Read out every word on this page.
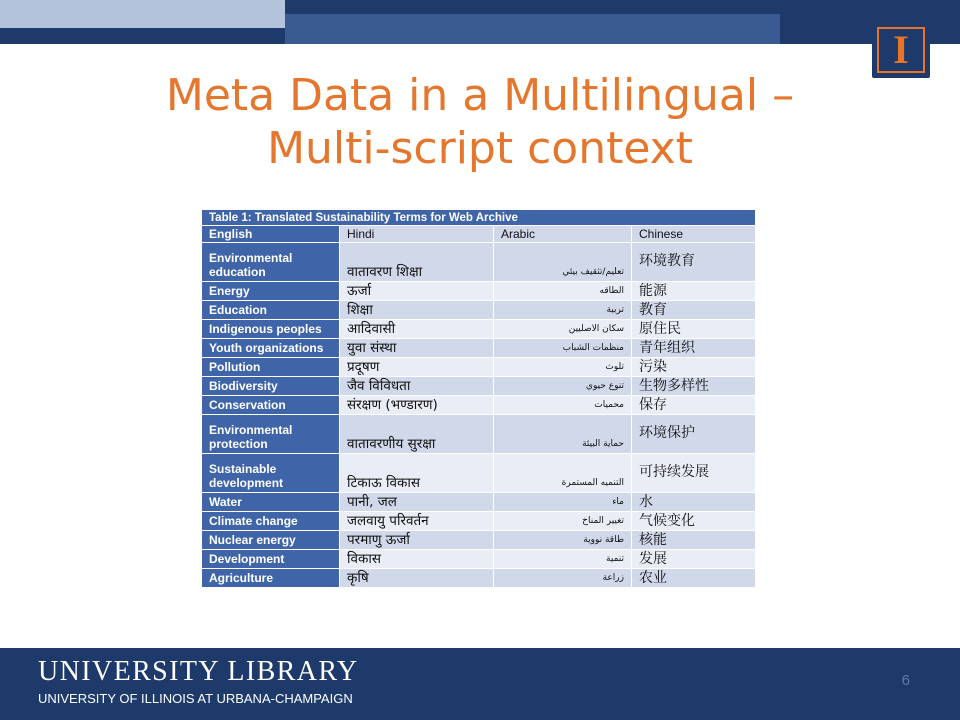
I
Meta Data in a Multilingual –
Multi-script context
Table 1: Translated Sustainability Terms for Web Archive			
English	Hindi	Arabic	Chinese
Environmental education	वातावरण शिक्षा	تعليم/تثقيف بيئي	环境教育
Energy	ऊर्जा	الطاقه	能源
Education	शिक्षा	تربية	教育
Indigenous peoples	आदिवासी	سكان الاصليين	原住民
Youth organizations	युवा संस्था	منظمات الشباب	青年组织
Pollution	प्रदूषण	تلوث	污染
Biodiversity	जैव विविधता	تنوع حيوي	生物多样性
Conservation	संरक्षण (भण्डारण)	محميات	保存
Environmental protection	वातावरणीय सुरक्षा	حماية البيئة	环境保护
Sustainable development	टिकाऊ विकास	التنميه المستمرة	可持续发展
Water	पानी, जल	ماء	水
Climate change	जलवायु परिवर्तन	تغيير المناخ	气候变化
Nuclear energy	परमाणु ऊर्जा	طاقة نووية	核能
Development	विकास	تنمية	发展
Agriculture	कृषि	زراعة	农业
UNIVERSITY LIBRARY
UNIVERSITY OF ILLINOIS AT URBANA-CHAMPAIGN
6
